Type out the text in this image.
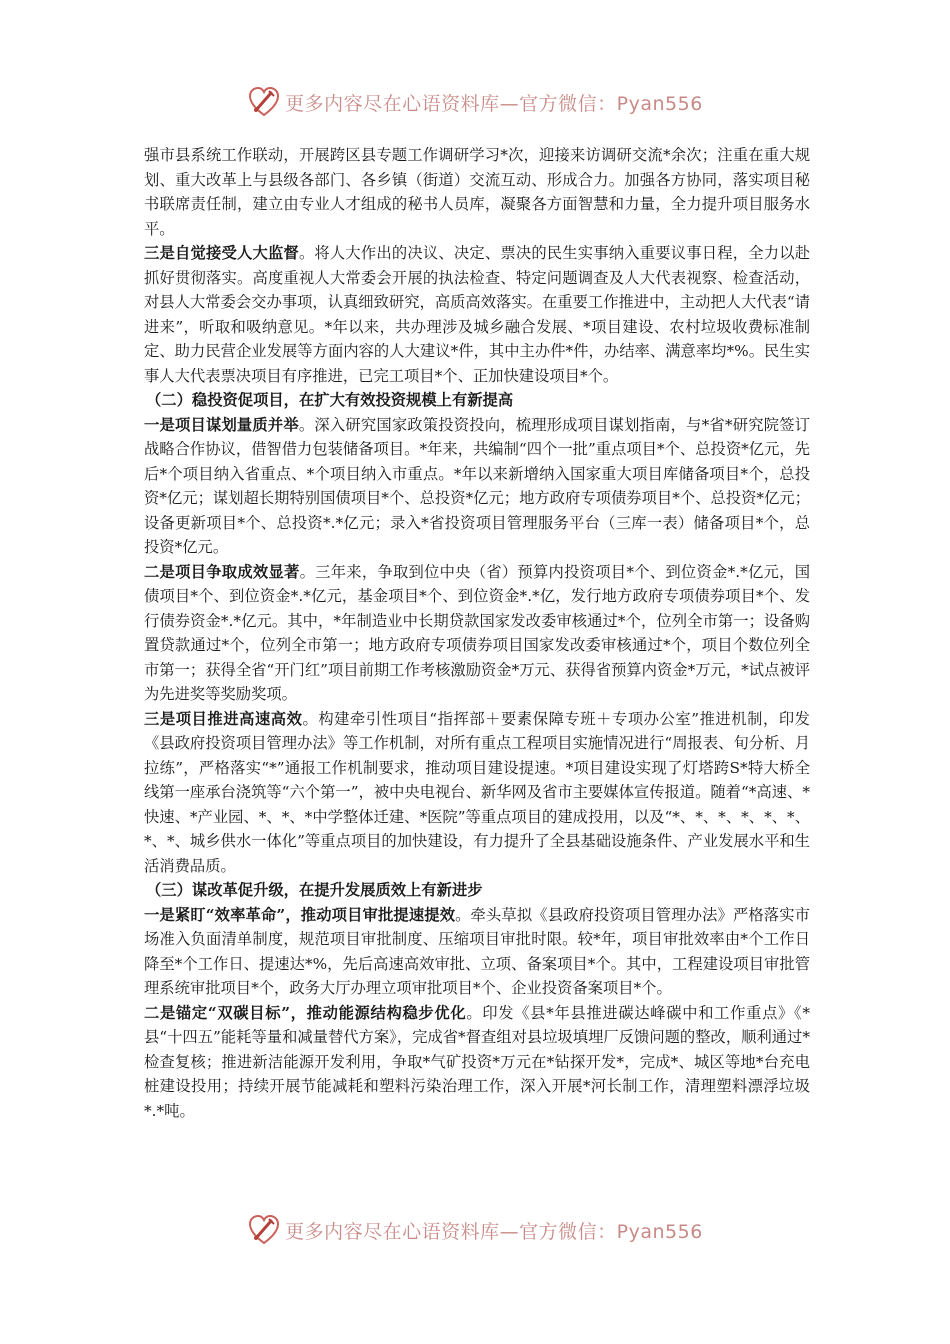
更多内容尽在心语资料库—官方微信：Pyan556

强市县系统工作联动，开展跨区县专题工作调研学习*次，迎接来访调研交流*余次；注重在重大规划、重大改革上与县级各部门、各乡镇（街道）交流互动、形成合力。加强各方协同，落实项目秘书联席责任制，建立由专业人才组成的秘书人员库，凝聚各方面智慧和力量，全力提升项目服务水平。

三是自觉接受人大监督。将人大作出的决议、决定、票决的民生实事纳入重要议事日程，全力以赴抓好贯彻落实。高度重视人大常委会开展的执法检查、特定问题调查及人大代表视察、检查活动，对县人大常委会交办事项，认真细致研究，高质高效落实。在重要工作推进中，主动把人大代表“请进来”，听取和吸纳意见。*年以来，共办理涉及城乡融合发展、*项目建设、农村垃圾收费标准制定、助力民营企业发展等方面内容的人大建议*件，其中主办件*件，办结率、满意率均*%。民生实事人大代表票决项目有序推进，已完工项目*个、正加快建设项目*个。

（二）稳投资促项目，在扩大有效投资规模上有新提高

一是项目谋划量质并举。深入研究国家政策投资投向，梳理形成项目谋划指南，与*省*研究院签订战略合作协议，借智借力包装储备项目。*年来，共编制“四个一批”重点项目*个、总投资*亿元，先后*个项目纳入省重点、*个项目纳入市重点。*年以来新增纳入国家重大项目库储备项目*个，总投资*亿元；谋划超长期特别国债项目*个、总投资*亿元；地方政府专项债券项目*个、总投资*亿元；设备更新项目*个、总投资*.*亿元；录入*省投资项目管理服务平台（三库一表）储备项目*个，总投资*亿元。

二是项目争取成效显著。三年来，争取到位中央（省）预算内投资项目*个、到位资金*.*亿元，国债项目*个、到位资金*.*亿元，基金项目*个、到位资金*.*亿，发行地方政府专项债券项目*个、发行债券资金*.*亿元。其中，*年制造业中长期贷款国家发改委审核通过*个，位列全市第一；设备购置贷款通过*个，位列全市第一；地方政府专项债券项目国家发改委审核通过*个，项目个数位列全市第一；获得全省“开门红”项目前期工作考核激励资金*万元、获得省预算内资金*万元，*试点被评为先进奖等奖励奖项。

三是项目推进高速高效。构建牵引性项目“指挥部＋要素保障专班＋专项办公室”推进机制，印发《县政府投资项目管理办法》等工作机制，对所有重点工程项目实施情况进行“周报表、旬分析、月拉练”，严格落实“*”通报工作机制要求，推动项目建设提速。*项目建设实现了灯塔跨S*特大桥全线第一座承台浇筑等“六个第一”，被中央电视台、新华网及省市主要媒体宣传报道。随着“*高速、*快速、*产业园、*、*、*中学整体迁建、*医院”等重点项目的建成投用，以及“*、*、*、*、*、*、*、*、城乡供水一体化”等重点项目的加快建设，有力提升了全县基础设施条件、产业发展水平和生活消费品质。

（三）谋改革促升级，在提升发展质效上有新进步

一是紧盯“效率革命”，推动项目审批提速提效。牵头草拟《县政府投资项目管理办法》严格落实市场准入负面清单制度，规范项目审批制度、压缩项目审批时限。较*年，项目审批效率由*个工作日降至*个工作日、提速达*%，先后高速高效审批、立项、备案项目*个。其中，工程建设项目审批管理系统审批项目*个，政务大厅办理立项审批项目*个、企业投资备案项目*个。

二是锚定“双碳目标”，推动能源结构稳步优化。印发《县*年县推进碳达峰碳中和工作重点》《*县“十四五”能耗等量和减量替代方案》，完成省*督查组对县垃圾填埋厂反馈问题的整改，顺利通过*检查复核；推进新洁能源开发利用，争取*气矿投资*万元在*钻探开发*，完成*、城区等地*台充电桩建设投用；持续开展节能减耗和塑料污染治理工作，深入开展*河长制工作，清理塑料漂浮垃圾*.*吨。

更多内容尽在心语资料库—官方微信：Pyan556
